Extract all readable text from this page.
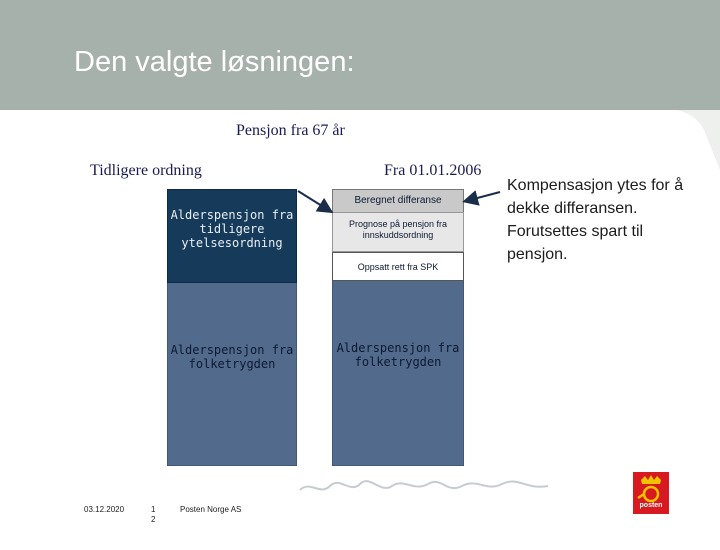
Den valgte løsningen:
Pensjon fra 67 år
Tidligere ordning	Fra 01.01.2006
Alderspensjon fra tidligere ytelsesordning
Alderspensjon fra folketrygden
Beregnet differanse
Prognose på pensjon fra innskuddsordning
Oppsatt rett fra SPK
Alderspensjon fra folketrygden
Kompensasjon ytes for å dekke differansen. Forutsettes spart til pensjon.
posten
03.12.2020	1
2
Posten Norge AS
